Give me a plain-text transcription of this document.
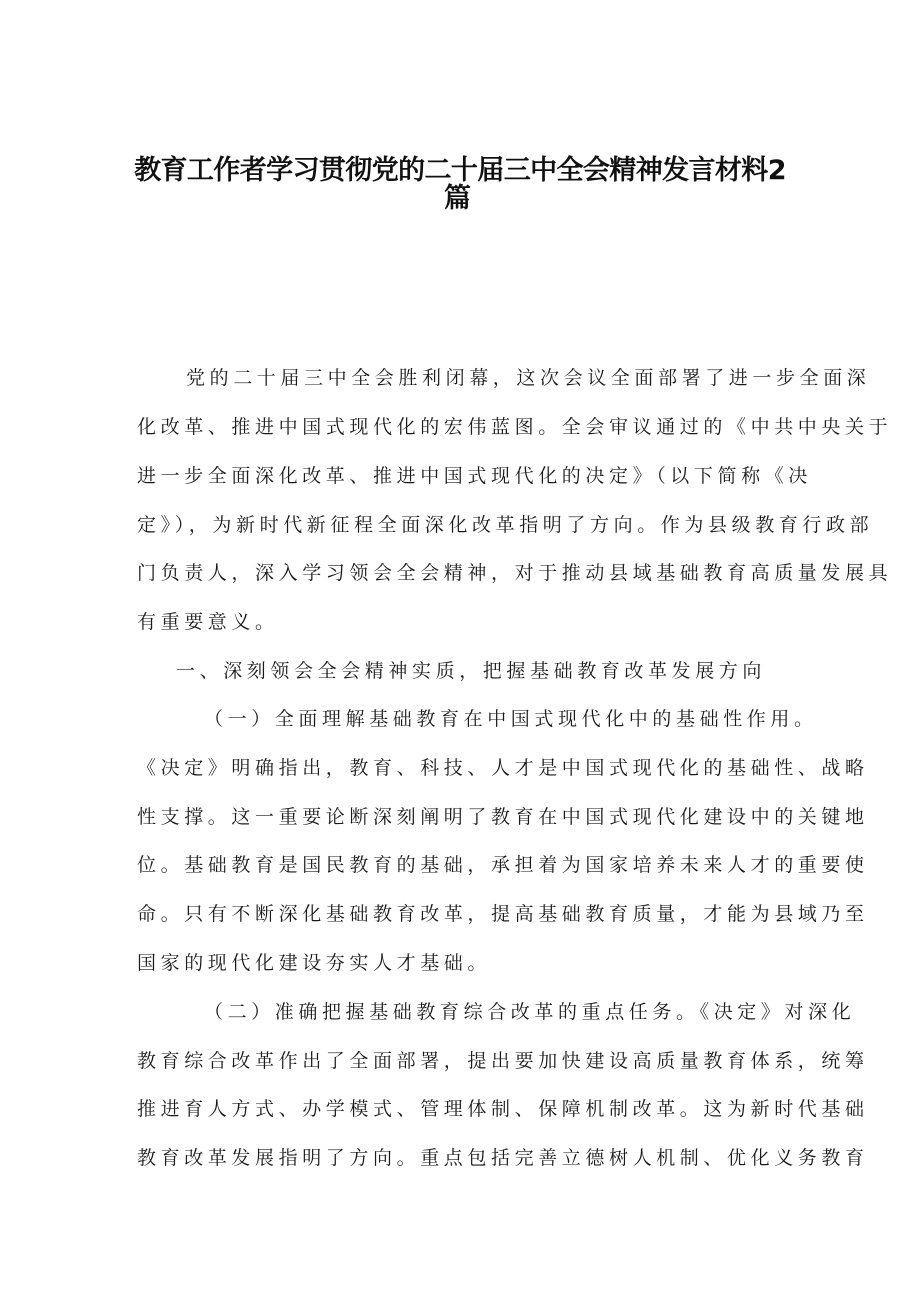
教育工作者学习贯彻党的二十届三中全会精神发言材料2
篇
党的二十届三中全会胜利闭幕，这次会议全面部署了进一步全面深
化改革、推进中国式现代化的宏伟蓝图。全会审议通过的《中共中央关于
进一步全面深化改革、推进中国式现代化的决定》（以下简称《决
定》），为新时代新征程全面深化改革指明了方向。作为县级教育行政部
门负责人，深入学习领会全会精神，对于推动县域基础教育高质量发展具
有重要意义。
一、深刻领会全会精神实质，把握基础教育改革发展方向
（一）全面理解基础教育在中国式现代化中的基础性作用。
《决定》明确指出，教育、科技、人才是中国式现代化的基础性、战略
性支撑。这一重要论断深刻阐明了教育在中国式现代化建设中的关键地
位。基础教育是国民教育的基础，承担着为国家培养未来人才的重要使
命。只有不断深化基础教育改革，提高基础教育质量，才能为县域乃至
国家的现代化建设夯实人才基础。
（二）准确把握基础教育综合改革的重点任务。《决定》对深化
教育综合改革作出了全面部署，提出要加快建设高质量教育体系，统筹
推进育人方式、办学模式、管理体制、保障机制改革。这为新时代基础
教育改革发展指明了方向。重点包括完善立德树人机制、优化义务教育
